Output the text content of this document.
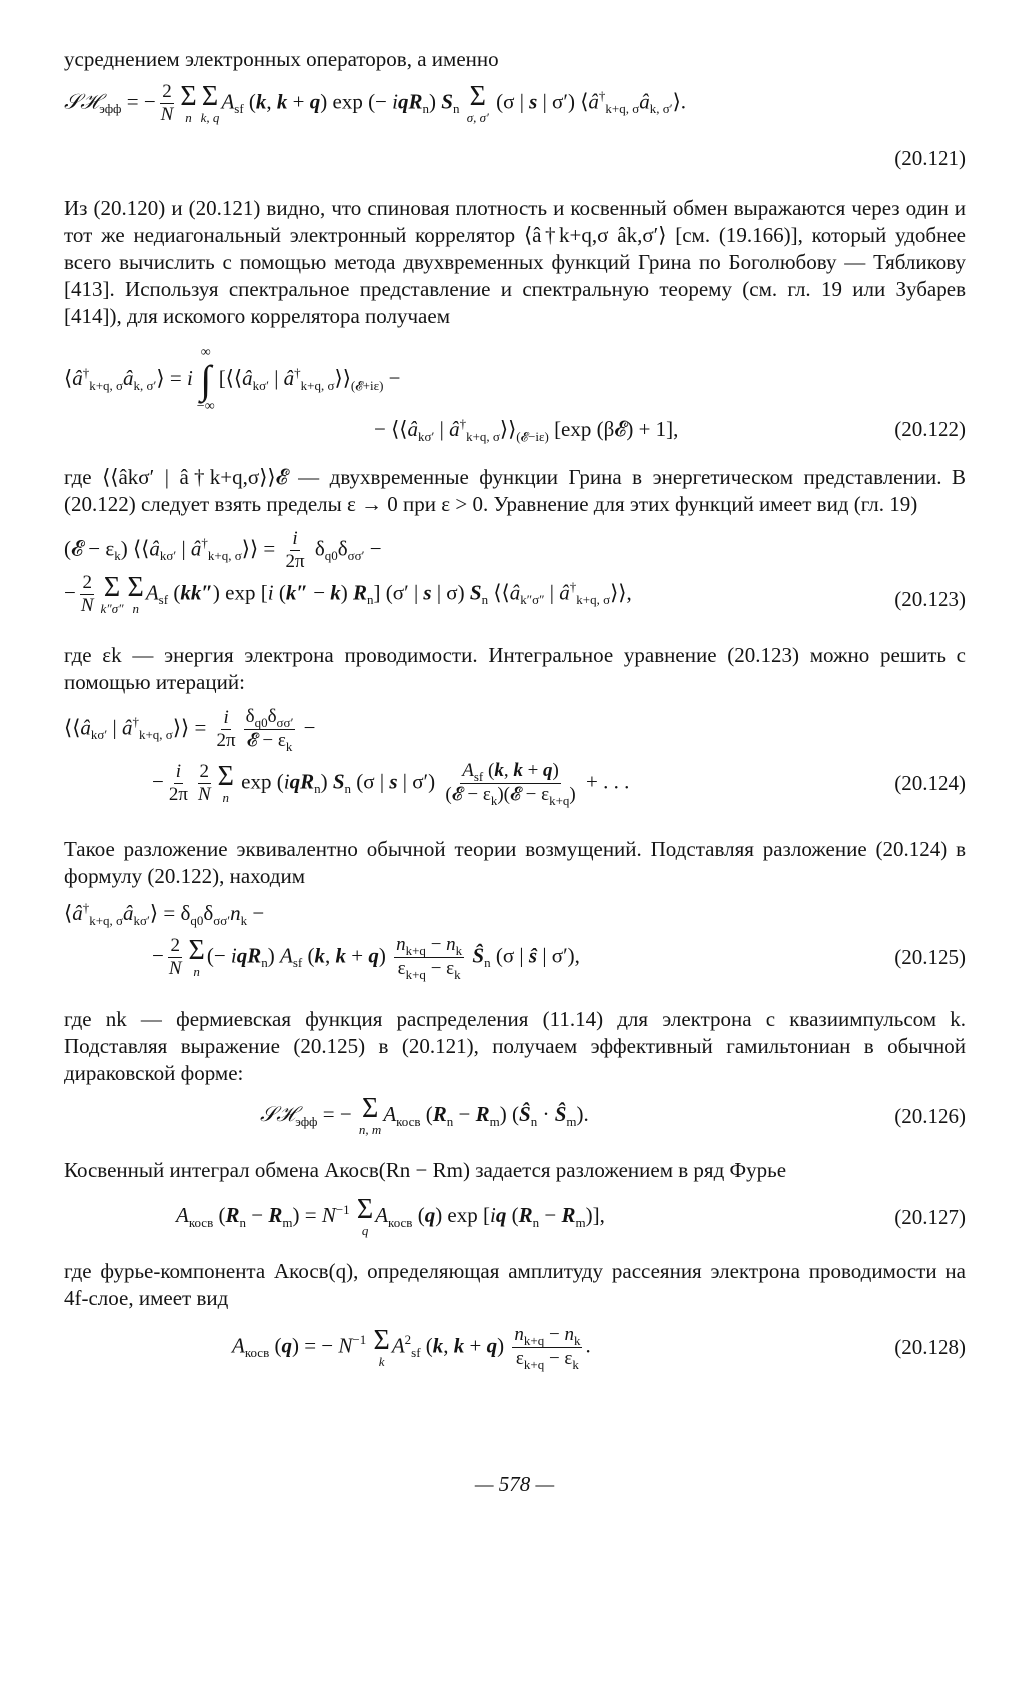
усреднением электронных операторов, а именно

𝒮ℋ$_{эфф}$ = − $\frac{2}{N}$ Σ
n
Σ
k, q
$A_{sf}$ (k, k + q) exp (− iqR$_n$) $S_n$ Σ
σ, σ′
(σ | s | σ′) $⟨â^\dagger_{k+q, \sigma}â_{k, \sigma'}⟩$.
(20.121)

Из (20.120) и (20.121) видно, что спиновая плотность и косвенный обмен выражаются через один и тот же недиагональный электронный коррелятор ⟨â†k+q,σ âk,σ′⟩ [см. (19.166)], который удобнее всего вычислить с помощью метода двухвременных функций Грина по Боголюбову — Тябликову [413]. Используя спектральное представление и спектральную теорему (см. гл. 19 или Зубарев [414]), для искомого коррелятора получаем

$⟨â^\dagger_{k+q, \sigma}â_{k, \sigma'}⟩ = i$
∞
∫
−∞
[$⟨⟨â_{k\sigma'}$ | $â^\dagger_{k+q, \sigma}⟩⟩_{(𝓔+i\varepsilon)}$ −
− $⟨⟨â_{k\sigma'}$ | $â^\dagger_{k+q, \sigma}⟩⟩_{(𝓔-i\varepsilon)}$ [exp (β𝓔) + 1],	(20.122)

где ⟨⟨âkσ′ | â†k+q,σ⟩⟩𝓔 — двухвременные функции Грина в энергетическом представлении. В (20.122) следует взять пределы ε → 0 при ε > 0. Уравнение для этих функций имеет вид (гл. 19)

(𝓔 − $\varepsilon_k$) $⟨⟨â_{k\sigma'}$ | $â^\dagger_{k+q, \sigma}⟩⟩ = \frac{i}{2\pi} \delta_{q0}\delta_{\sigma\sigma'}$ −
− $\frac{2}{N}$ Σ
k″σ″
Σ
n
$A_{sf}$ (kk″) exp [i (k″ − k) $R_n$] (σ′ | s | σ) $S_n$ $⟨⟨â_{k''\sigma''}$ | $â^\dagger_{k+q, \sigma}⟩⟩$,	(20.123)

где εk — энергия электрона проводимости. Интегральное уравнение (20.123) можно решить с помощью итераций:

$⟨⟨â_{k\sigma'}$ | $â^\dagger_{k+q, \sigma}⟩⟩ = \frac{i}{2\pi} \frac{\delta_{q0}\delta_{\sigma\sigma'}}{𝓔 - \varepsilon_k}$ −
− $\frac{i}{2\pi} \frac{2}{N}$ Σ
n
exp (iqR$_n$) $S_n$ (σ | s | $\sigma') \frac{A_{sf} (k, k + q)}{(𝓔 - \varepsilon_k)(𝓔 - \varepsilon_{k+q})}$ + . . .	(20.124)

Такое разложение эквивалентно обычной теории возмущений. Подставляя разложение (20.124) в формулу (20.122), находим

$⟨â^\dagger_{k+q, \sigma}â_{k\sigma'}⟩ = \delta_{q0}\delta_{\sigma\sigma'}n_k$ −
− $\frac{2}{N}$ Σ
n
(− iqR$_n$) $A_{sf}$ (k, $k + q) \frac{n_{k+q} - n_k}{\varepsilon_{k+q} - \varepsilon_k}$ $Ŝ_n$ (σ | ŝ | σ′),	(20.125)

где nk — фермиевская функция распределения (11.14) для электрона с квазиимпульсом k. Подставляя выражение (20.125) в (20.121), получаем эффективный гамильтониан в обычной дираковской форме:

𝒮ℋ$_{эфф}$ = − Σ
n, m
$A_{косв}$ $(R_n - R_m)$ ($Ŝ_n$ · $Ŝ_m$).	(20.126)

Косвенный интеграл обмена Aкосв(Rn − Rm) задается разложением в ряд Фурье

$A_{косв}$ $(R_n - R_m) = N^{-1}$ Σ
q
$A_{косв}$ (q) exp [iq $(R_n - R_m)$],	(20.127)

где фурье-компонента Aкосв(q), определяющая амплитуду рассеяния электрона проводимости на 4f-слое, имеет вид

$A_{косв}$ (q) = − $N^{-1}$ Σ
k
$A^2_{sf}$ (k, $k + q) \frac{n_{k+q} - n_k}{\varepsilon_{k+q} - \varepsilon_k}$ .	(20.128)
— 578 —
